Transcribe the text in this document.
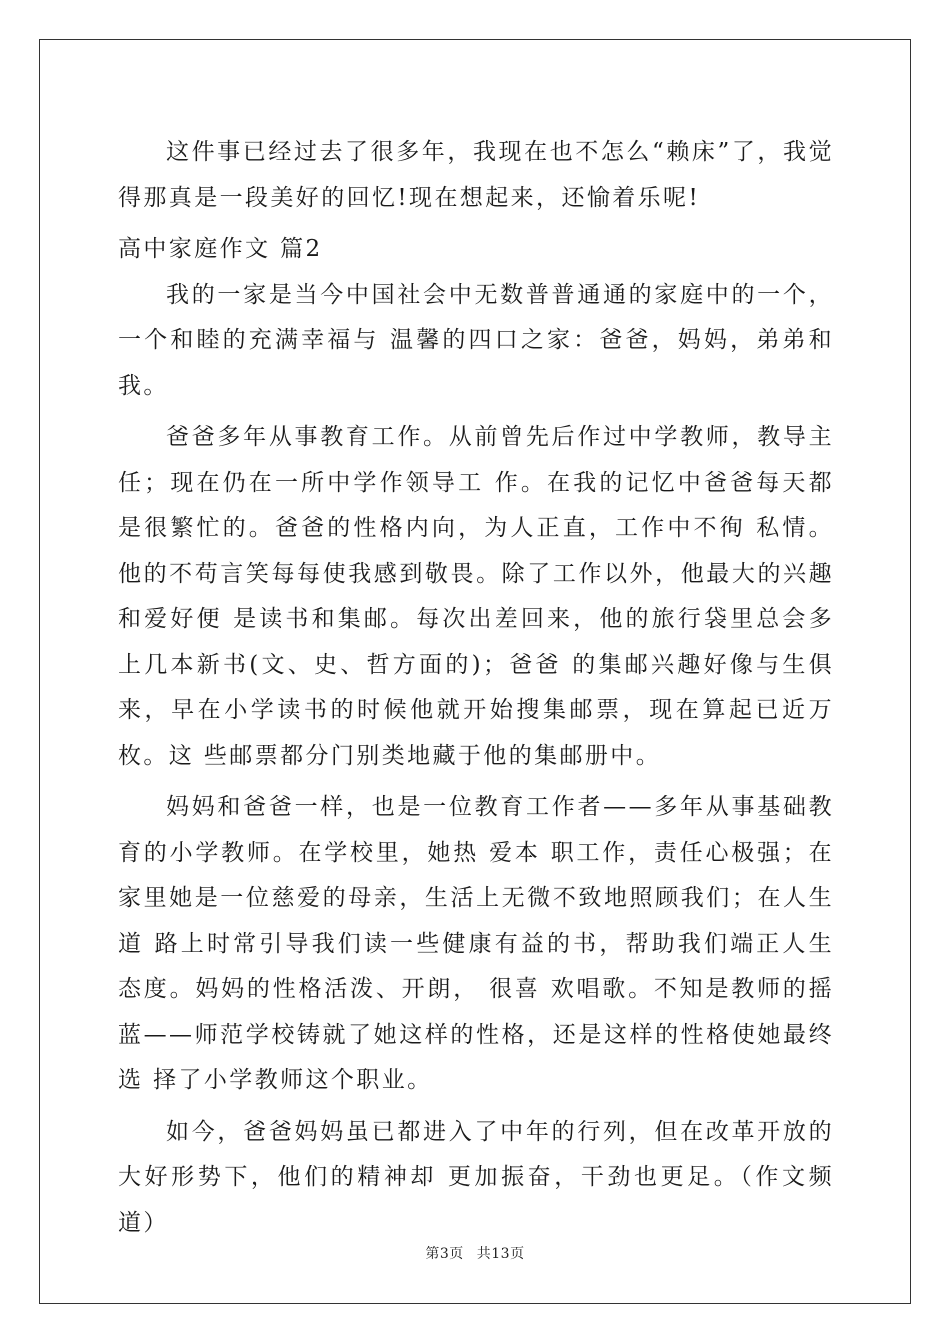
这件事已经过去了很多年，我现在也不怎么“赖床”了，我觉得那真是一段美好的回忆!现在想起来，还愉着乐呢!

高中家庭作文 篇2

我的一家是当今中国社会中无数普普通通的家庭中的一个，一个和睦的充满幸福与 温馨的四口之家：爸爸，妈妈，弟弟和我。

爸爸多年从事教育工作。从前曾先后作过中学教师，教导主任；现在仍在一所中学作领导工 作。在我的记忆中爸爸每天都是很繁忙的。爸爸的性格内向，为人正直，工作中不徇 私情。他的不苟言笑每每使我感到敬畏。除了工作以外，他最大的兴趣和爱好便 是读书和集邮。每次出差回来，他的旅行袋里总会多上几本新书(文、史、哲方面的)；爸爸 的集邮兴趣好像与生俱来，早在小学读书的时候他就开始搜集邮票，现在算起已近万枚。这 些邮票都分门别类地藏于他的集邮册中。

妈妈和爸爸一样，也是一位教育工作者——多年从事基础教育的小学教师。在学校里，她热 爱本 职工作，责任心极强；在家里她是一位慈爱的母亲，生活上无微不致地照顾我们；在人生道 路上时常引导我们读一些健康有益的书，帮助我们端正人生态度。妈妈的性格活泼、开朗， 很喜 欢唱歌。不知是教师的摇蓝——师范学校铸就了她这样的性格，还是这样的性格使她最终选 择了小学教师这个职业。

如今，爸爸妈妈虽已都进入了中年的行列，但在改革开放的大好形势下，他们的精神却 更加振奋，干劲也更足。（作文频道）

第3页 共13页
